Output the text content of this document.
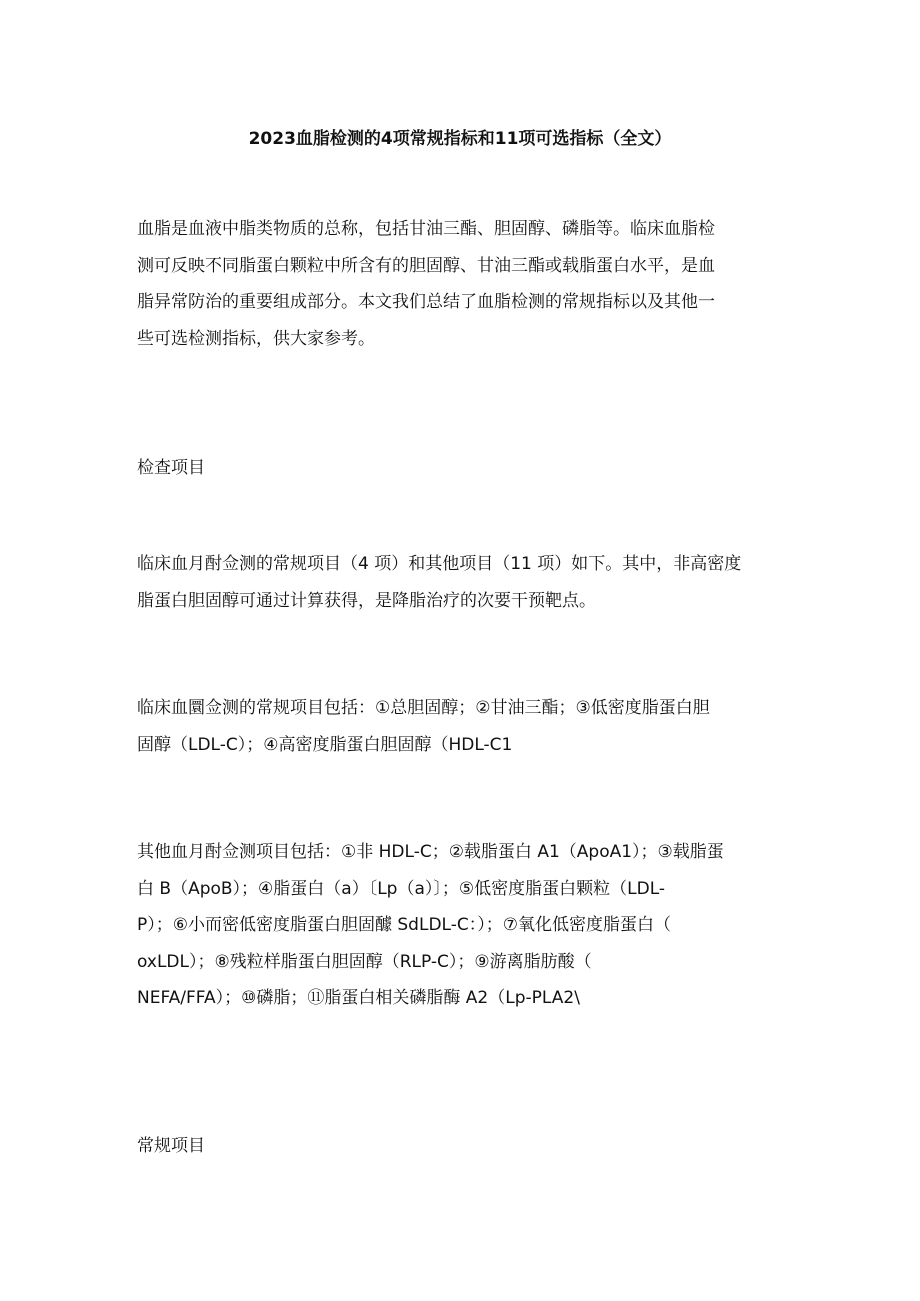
2023血脂检测的4项常规指标和11项可选指标（全文）

血脂是血液中脂类物质的总称，包括甘油三酯、胆固醇、磷脂等。临床血脂检
测可反映不同脂蛋白颗粒中所含有的胆固醇、甘油三酯或载脂蛋白水平，是血
脂异常防治的重要组成部分。本文我们总结了血脂检测的常规指标以及其他一
些可选检测指标，供大家参考。

检查项目

临床血月酎佥测的常规项目（4 项）和其他项目（11 项）如下。其中，非高密度
脂蛋白胆固醇可通过计算获得，是降脂治疗的次要干预靶点。

临床血圜佥测的常规项目包括：①总胆固醇；②甘油三酯；③低密度脂蛋白胆
固醇（LDL-C）；④高密度脂蛋白胆固醇（HDL-C1

其他血月酎佥测项目包括：①非 HDL-C；②载脂蛋白 A1（ApoA1）；③载脂蛋
白 B（ApoB）；④脂蛋白（a）〔Lp（a）〕；⑤低密度脂蛋白颗粒（LDL-
P）；⑥小而密低密度脂蛋白胆固醵 SdLDL-C：）；⑦氧化低密度脂蛋白（
oxLDL）；⑧残粒样脂蛋白胆固醇（RLP-C）；⑨游离脂肪酸（
NEFA/FFA）；⑩磷脂；⑪脂蛋白相关磷脂酶 A2（Lp-PLA2\

常规项目
